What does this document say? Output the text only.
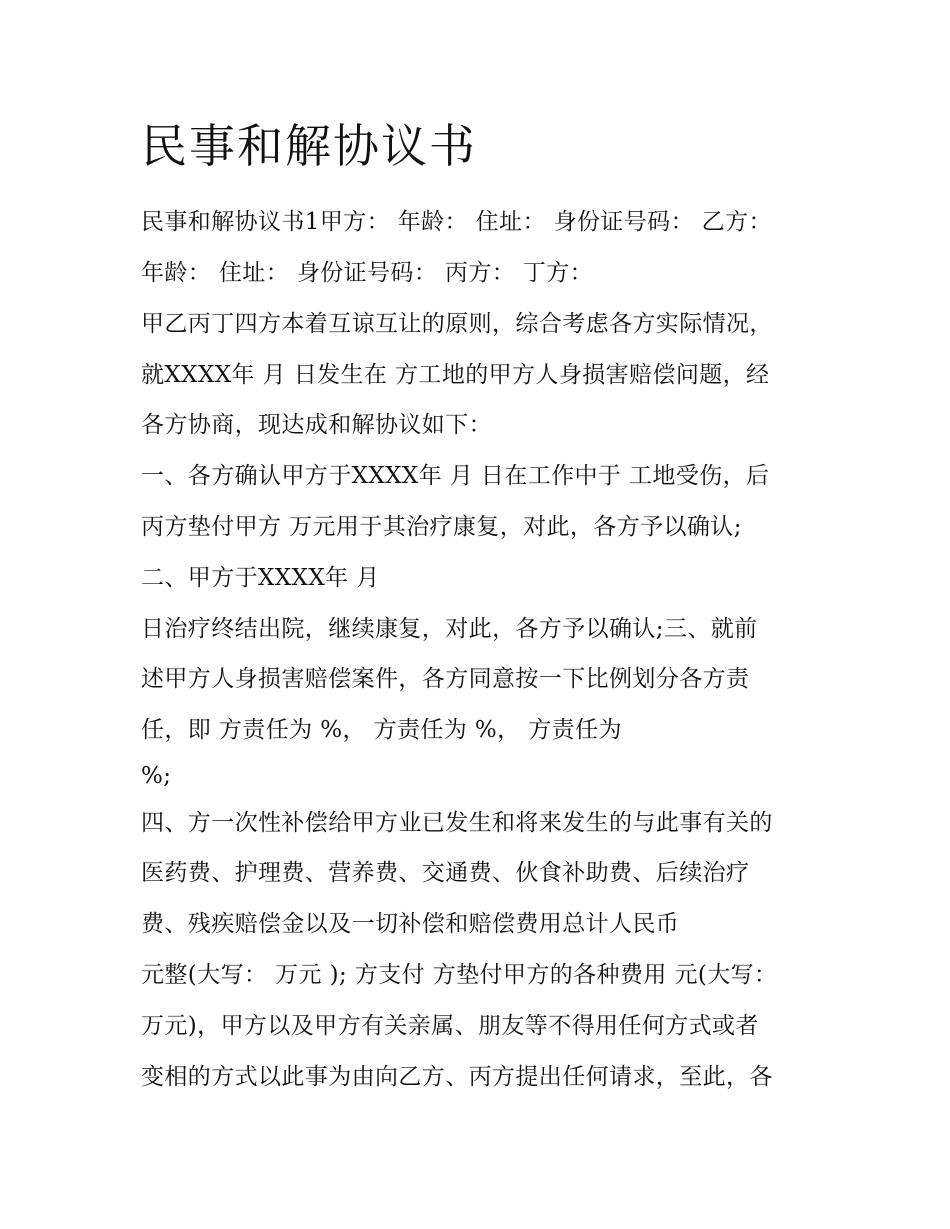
民事和解协议书

民事和解协议书1甲方： 年龄： 住址： 身份证号码： 乙方：

年龄： 住址： 身份证号码： 丙方： 丁方：

甲乙丙丁四方本着互谅互让的原则，综合考虑各方实际情况，

就XXXX年 月 日发生在 方工地的甲方人身损害赔偿问题，经

各方协商，现达成和解协议如下：

一、各方确认甲方于XXXX年 月 日在工作中于 工地受伤，后

丙方垫付甲方 万元用于其治疗康复，对此，各方予以确认;

二、甲方于XXXX年 月

日治疗终结出院，继续康复，对此，各方予以确认;三、就前

述甲方人身损害赔偿案件，各方同意按一下比例划分各方责

任，即 方责任为 %， 方责任为 %， 方责任为

%;

四、方一次性补偿给甲方业已发生和将来发生的与此事有关的

医药费、护理费、营养费、交通费、伙食补助费、后续治疗

费、残疾赔偿金以及一切补偿和赔偿费用总计人民币

元整(大写： 万元 ); 方支付 方垫付甲方的各种费用 元(大写：

万元)，甲方以及甲方有关亲属、朋友等不得用任何方式或者

变相的方式以此事为由向乙方、丙方提出任何请求，至此，各
